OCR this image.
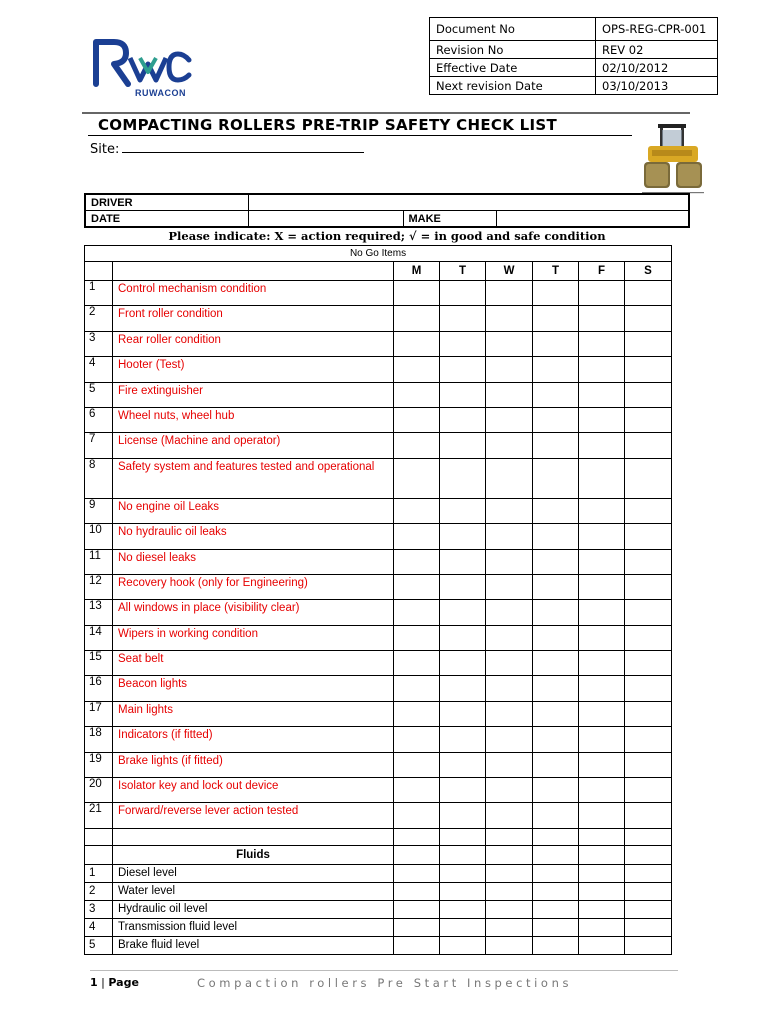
RUWACON
Document No	OPS-REG-CPR-001
Revision No	REV 02
Effective Date	02/10/2012
Next revision Date	03/10/2013
COMPACTING ROLLERS PRE-TRIP SAFETY CHECK LIST
Site:
DRIVER			
DATE		MAKE	
Please indicate: X = action required; √ = in good and safe condition
No Go Items							
		M	T	W	T	F	S
1	Control mechanism condition						
2	Front roller condition						
3	Rear roller condition						
4	Hooter (Test)						
5	Fire extinguisher						
6	Wheel nuts, wheel hub						
7	License (Machine and operator)						
8	Safety system and features tested and operational						
9	No engine oil Leaks						
10	No hydraulic oil leaks						
11	No diesel leaks						
12	Recovery hook (only for Engineering)						
13	All windows in place (visibility clear)						
14	Wipers in working condition						
15	Seat belt						
16	Beacon lights						
17	Main lights						
18	Indicators (if fitted)						
19	Brake lights (if fitted)						
20	Isolator key and lock out device						
21	Forward/reverse lever action tested						

	Fluids						
1	Diesel level						
2	Water level						
3	Hydraulic oil level						
4	Transmission fluid level						
5	Brake fluid level						
1 | Page	Compaction rollers Pre Start Inspections
